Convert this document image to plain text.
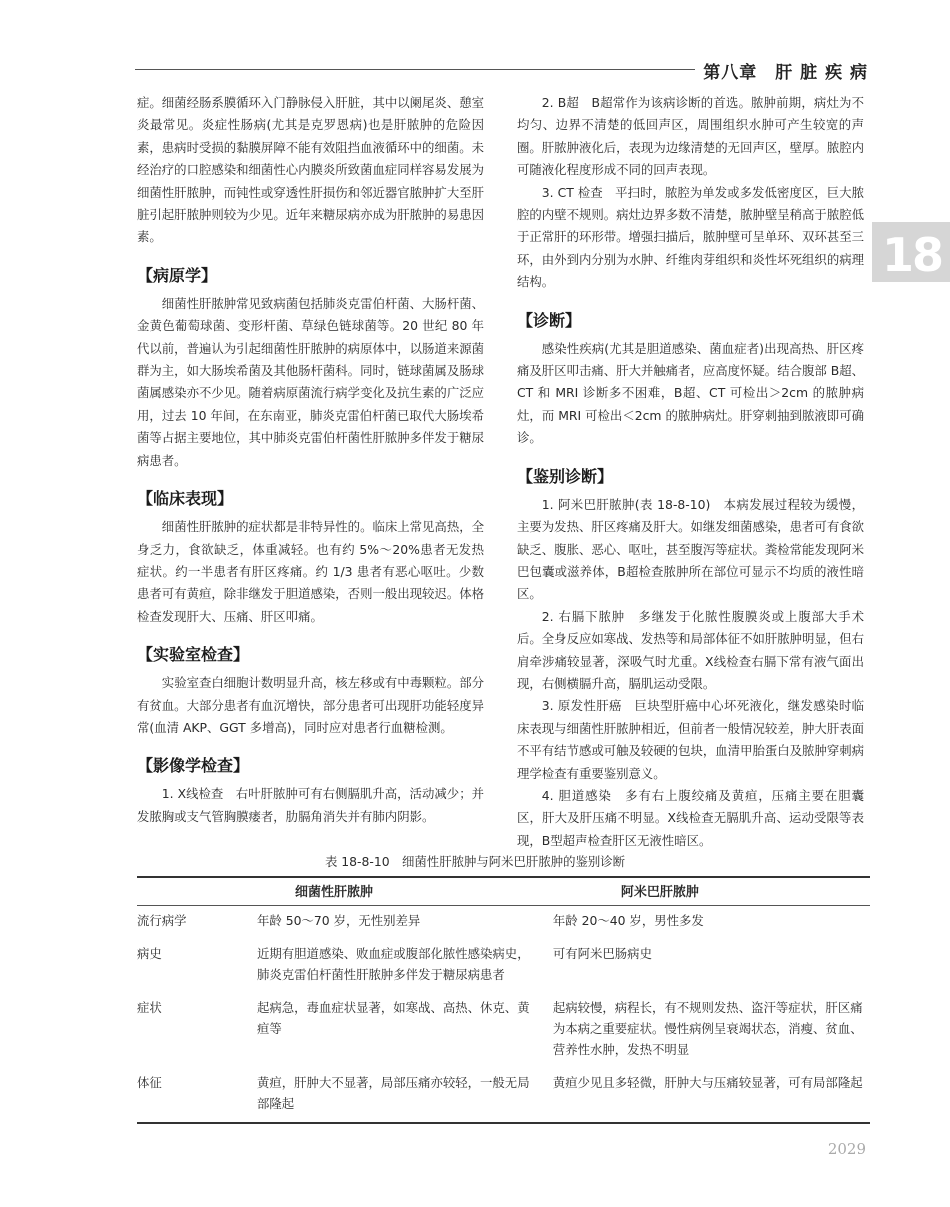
第八章　肝 脏 疾 病
18

症。细菌经肠系膜循环入门静脉侵入肝脏，其中以阑尾炎、憩室炎最常见。炎症性肠病(尤其是克罗恩病)也是肝脓肿的危险因素，患病时受损的黏膜屏障不能有效阻挡血液循环中的细菌。未经治疗的口腔感染和细菌性心内膜炎所致菌血症同样容易发展为细菌性肝脓肿，而钝性或穿透性肝损伤和邻近器官脓肿扩大至肝脏引起肝脓肿则较为少见。近年来糖尿病亦成为肝脓肿的易患因素。

【病原学】

细菌性肝脓肿常见致病菌包括肺炎克雷伯杆菌、大肠杆菌、金黄色葡萄球菌、变形杆菌、草绿色链球菌等。20 世纪 80 年代以前，普遍认为引起细菌性肝脓肿的病原体中，以肠道来源菌群为主，如大肠埃希菌及其他肠杆菌科。同时，链球菌属及肠球菌属感染亦不少见。随着病原菌流行病学变化及抗生素的广泛应用，过去 10 年间，在东南亚，肺炎克雷伯杆菌已取代大肠埃希菌等占据主要地位，其中肺炎克雷伯杆菌性肝脓肿多伴发于糖尿病患者。

【临床表现】

细菌性肝脓肿的症状都是非特异性的。临床上常见高热，全身乏力，食欲缺乏，体重减轻。也有约 5%～20%患者无发热症状。约一半患者有肝区疼痛。约 1/3 患者有恶心呕吐。少数患者可有黄疸，除非继发于胆道感染，否则一般出现较迟。体格检查发现肝大、压痛、肝区叩痛。

【实验室检查】

实验室查白细胞计数明显升高，核左移或有中毒颗粒。部分有贫血。大部分患者有血沉增快，部分患者可出现肝功能轻度异常(血清 AKP、GGT 多增高)，同时应对患者行血糖检测。

【影像学检查】

1. X线检查　右叶肝脓肿可有右侧膈肌升高，活动减少；并发脓胸或支气管胸膜瘘者，肋膈角消失并有肺内阴影。

2. B超　B超常作为该病诊断的首选。脓肿前期，病灶为不均匀、边界不清楚的低回声区，周围组织水肿可产生较宽的声圈。肝脓肿液化后，表现为边缘清楚的无回声区，壁厚。脓腔内可随液化程度形成不同的回声表现。

3. CT 检查　平扫时，脓腔为单发或多发低密度区，巨大脓腔的内壁不规则。病灶边界多数不清楚，脓肿壁呈稍高于脓腔低于正常肝的环形带。增强扫描后，脓肿壁可呈单环、双环甚至三环，由外到内分别为水肿、纤维肉芽组织和炎性坏死组织的病理结构。

【诊断】

感染性疾病(尤其是胆道感染、菌血症者)出现高热、肝区疼痛及肝区叩击痛、肝大并触痛者，应高度怀疑。结合腹部 B超、CT 和 MRI 诊断多不困难，B超、CT 可检出＞2cm 的脓肿病灶，而 MRI 可检出＜2cm 的脓肿病灶。肝穿刺抽到脓液即可确诊。

【鉴别诊断】

1. 阿米巴肝脓肿(表 18-8-10)　本病发展过程较为缓慢，主要为发热、肝区疼痛及肝大。如继发细菌感染，患者可有食欲缺乏、腹胀、恶心、呕吐，甚至腹泻等症状。粪检常能发现阿米巴包囊或滋养体，B超检查脓肿所在部位可显示不均质的液性暗区。

2. 右膈下脓肿　多继发于化脓性腹膜炎或上腹部大手术后。全身反应如寒战、发热等和局部体征不如肝脓肿明显，但右肩牵涉痛较显著，深吸气时尤重。X线检查右膈下常有液气面出现，右侧横膈升高，膈肌运动受限。

3. 原发性肝癌　巨块型肝癌中心坏死液化，继发感染时临床表现与细菌性肝脓肿相近，但前者一般情况较差，肿大肝表面不平有结节感或可触及较硬的包块，血清甲胎蛋白及脓肿穿刺病理学检查有重要鉴别意义。

4. 胆道感染　多有右上腹绞痛及黄疸，压痛主要在胆囊区，肝大及肝压痛不明显。X线检查无膈肌升高、运动受限等表现，B型超声检查肝区无液性暗区。

表 18-8-10　细菌性肝脓肿与阿米巴肝脓肿的鉴别诊断
	细菌性肝脓肿	阿米巴肝脓肿
流行病学	年龄 50～70 岁，无性别差异	年龄 20～40 岁，男性多发
病史	近期有胆道感染、败血症或腹部化脓性感染病史，肺炎克雷伯杆菌性肝脓肿多伴发于糖尿病患者	可有阿米巴肠病史
症状	起病急，毒血症状显著，如寒战、高热、休克、黄疸等	起病较慢，病程长，有不规则发热、盗汗等症状，肝区痛为本病之重要症状。慢性病例呈衰竭状态，消瘦、贫血、营养性水肿，发热不明显
体征	黄疸，肝肿大不显著，局部压痛亦较轻，一般无局部隆起	黄疸少见且多轻微，肝肿大与压痛较显著，可有局部隆起
2029
